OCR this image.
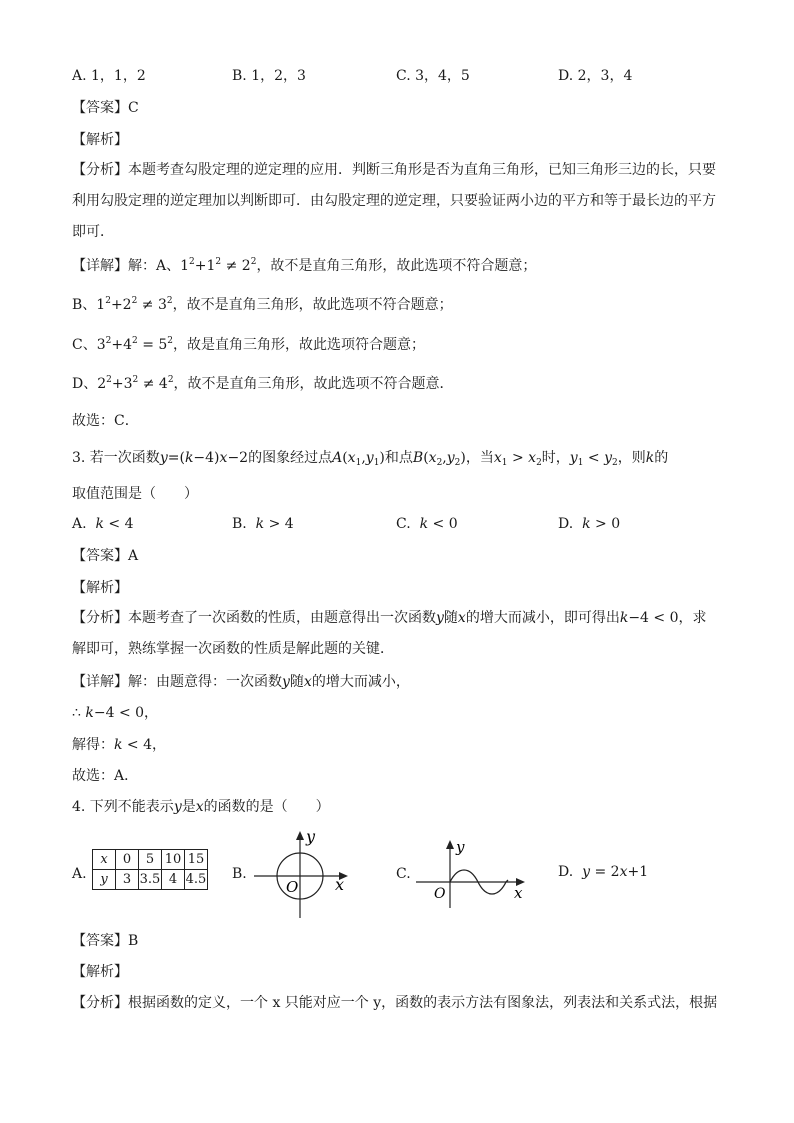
A. 1，1，2	B. 1，2，3	C. 3，4，5	D. 2，3，4
【答案】C
【解析】
【分析】本题考查勾股定理的逆定理的应用．判断三角形是否为直角三角形，已知三角形三边的长，只要利用勾股定理的逆定理加以判断即可．由勾股定理的逆定理，只要验证两小边的平方和等于最长边的平方即可．
【详解】解：A、$1^2+1^2 \ne 2^2$，故不是直角三角形，故此选项不符合题意；
B、$1^2+2^2 \ne 3^2$，故不是直角三角形，故此选项不符合题意；
C、$3^2+4^2 = 5^2$，故是直角三角形，故此选项符合题意；
D、$2^2+3^2 \ne 4^2$，故不是直角三角形，故此选项不符合题意．
故选：C．
3. 若一次函数y=(k−4)x−2的图象经过点$A(x_1,y_1)$和点$B(x_2,y_2)$，当$x_1 > x_2$时，$y_1 < y_2$，则k的
取值范围是（　　）
A. k < 4	B. k > 4	C. k < 0	D. k > 0
【答案】A
【解析】
【分析】本题考查了一次函数的性质，由题意得出一次函数y随x的增大而减小，即可得出k−4 < 0，求
解即可，熟练掌握一次函数的性质是解此题的关键．
【详解】解：由题意得：一次函数y随x的增大而减小，
∴ k−4 < 0，
解得：k < 4，
故选：A．
4. 下列不能表示y是x的函数的是（　　）
A.
x	0	5	10	15
y	3	3.5	4	4.5 B.
y
x
O
C.
y
x
O
D. y = 2x+1
【答案】B
【解析】
【分析】根据函数的定义，一个 x 只能对应一个 y，函数的表示方法有图象法，列表法和关系式法，根据
